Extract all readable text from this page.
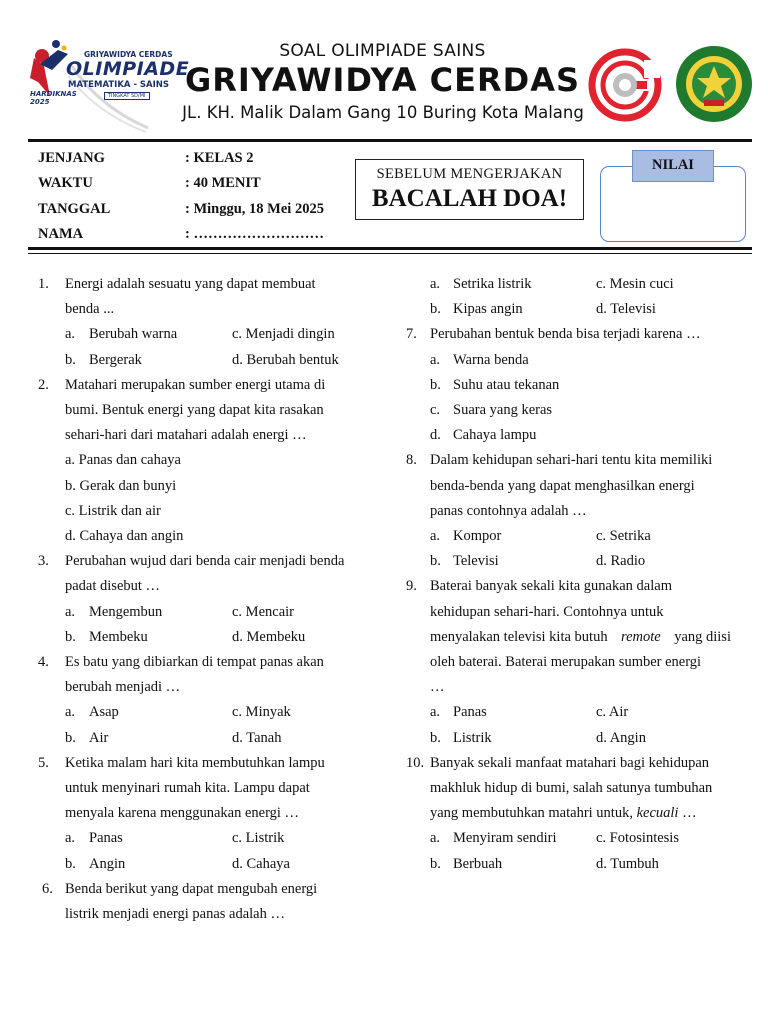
GRIYAWIDYA CERDAS
OLIMPIADE
MATEMATIKA - SAINS
HARDIKNAS 2025
TINGKAT SD/MI
SOAL OLIMPIADE SAINS
GRIYAWIDYA CERDAS
JL. KH. Malik Dalam Gang 10 Buring Kota Malang
JENJANG	: KELAS 2
WAKTU	: 40 MENIT
TANGGAL	: Minggu, 18 Mei 2025
NAMA	: ………………………
SEBELUM MENGERJAKAN
BACALAH DOA!
NILAI
1. Energi adalah sesuatu yang dapat membuat
benda ...
a. Berubah warna	c. Menjadi dingin
b. Bergerak	d. Berubah bentuk
2. Matahari merupakan sumber energi utama di
bumi. Bentuk energi yang dapat kita rasakan
sehari-hari dari matahari adalah energi …
a. Panas dan cahaya
b. Gerak dan bunyi
c. Listrik dan air
d. Cahaya dan angin
3. Perubahan wujud dari benda cair menjadi benda
padat disebut …
a. Mengembun	c. Mencair
b. Membeku	d. Membeku
4. Es batu yang dibiarkan di tempat panas akan
berubah menjadi …
a. Asap	c. Minyak
b. Air	d. Tanah
5. Ketika malam hari kita membutuhkan lampu
untuk menyinari rumah kita. Lampu dapat
menyala karena menggunakan energi …
a. Panas	c. Listrik
b. Angin	d. Cahaya
6. Benda berikut yang dapat mengubah energi
listrik menjadi energi panas adalah …
a. Setrika listrik	c. Mesin cuci
b. Kipas angin	d. Televisi
7. Perubahan bentuk benda bisa terjadi karena …
a. Warna benda
b. Suhu atau tekanan
c. Suara yang keras
d. Cahaya lampu
8. Dalam kehidupan sehari-hari tentu kita memiliki
benda-benda yang dapat menghasilkan energi
panas contohnya adalah …
a. Kompor	c. Setrika
b. Televisi	d. Radio
9. Baterai banyak sekali kita gunakan dalam
kehidupan sehari-hari. Contohnya untuk
menyalakan televisi kita butuh remote yang diisi
oleh baterai. Baterai merupakan sumber energi
…
a. Panas	c. Air
b. Listrik	d. Angin
10. Banyak sekali manfaat matahari bagi kehidupan
makhluk hidup di bumi, salah satunya tumbuhan
yang membutuhkan matahri untuk, kecuali …
a. Menyiram sendiri	c. Fotosintesis
b. Berbuah	d. Tumbuh
